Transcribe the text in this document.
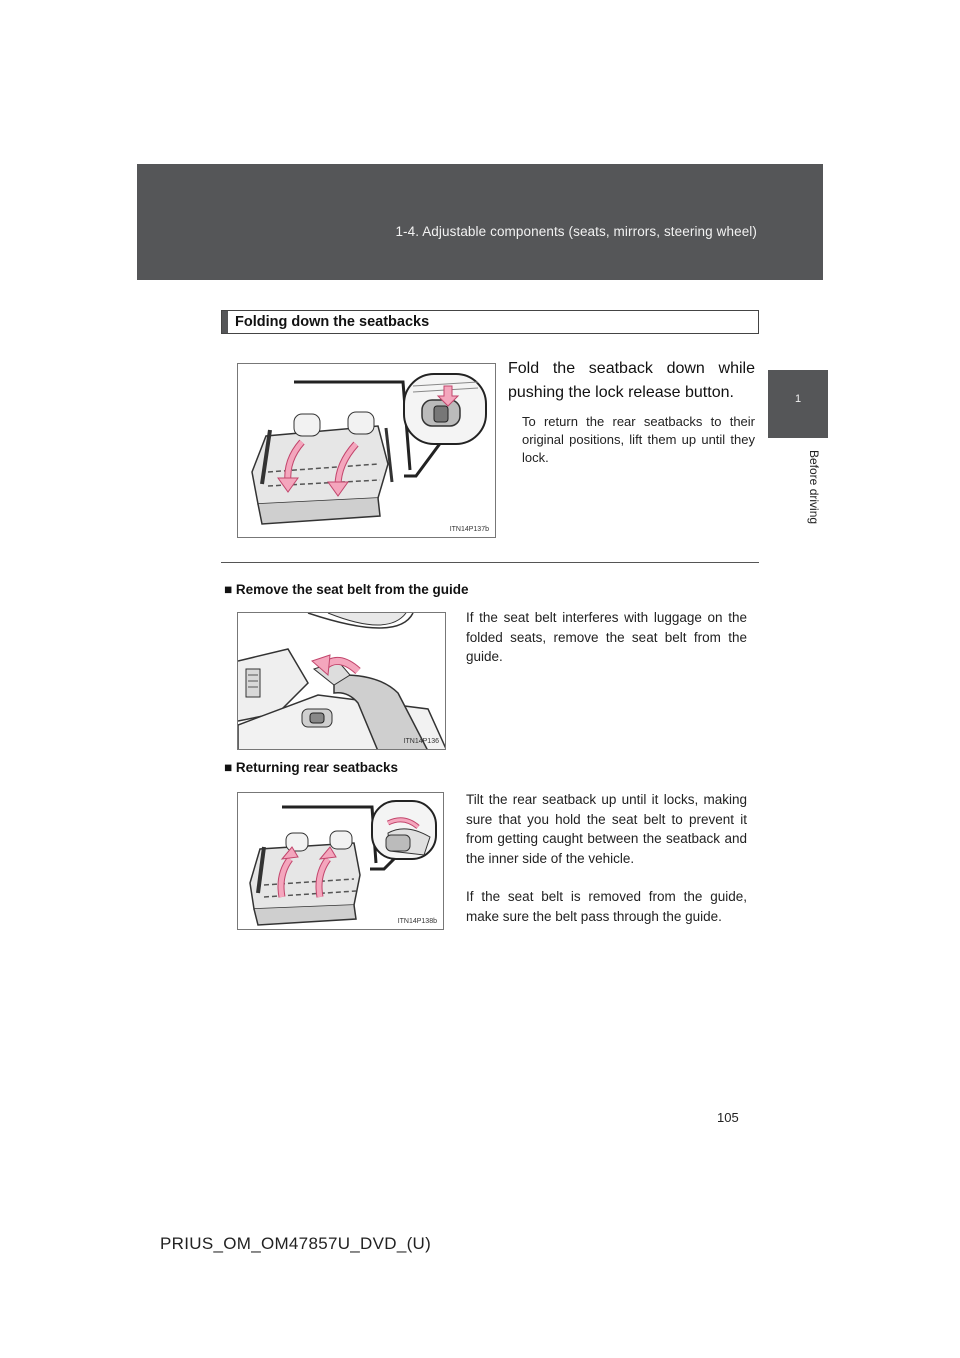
1-4. Adjustable components (seats, mirrors, steering wheel)
1
Before driving
Folding down the seatbacks
ITN14P137b
Fold the seatback down while pushing the lock release button.
To return the rear seatbacks to their original positions, lift them up until they lock.
■ Remove the seat belt from the guide
ITN14P136

If the seat belt interferes with luggage on the folded seats, remove the seat belt from the guide.

■ Returning rear seatbacks
ITN14P138b

Tilt the rear seatback up until it locks, making sure that you hold the seat belt to prevent it from getting caught between the seatback and the inner side of the vehicle.

If the seat belt is removed from the guide, make sure the belt pass through the guide.

105
PRIUS_OM_OM47857U_DVD_(U)
